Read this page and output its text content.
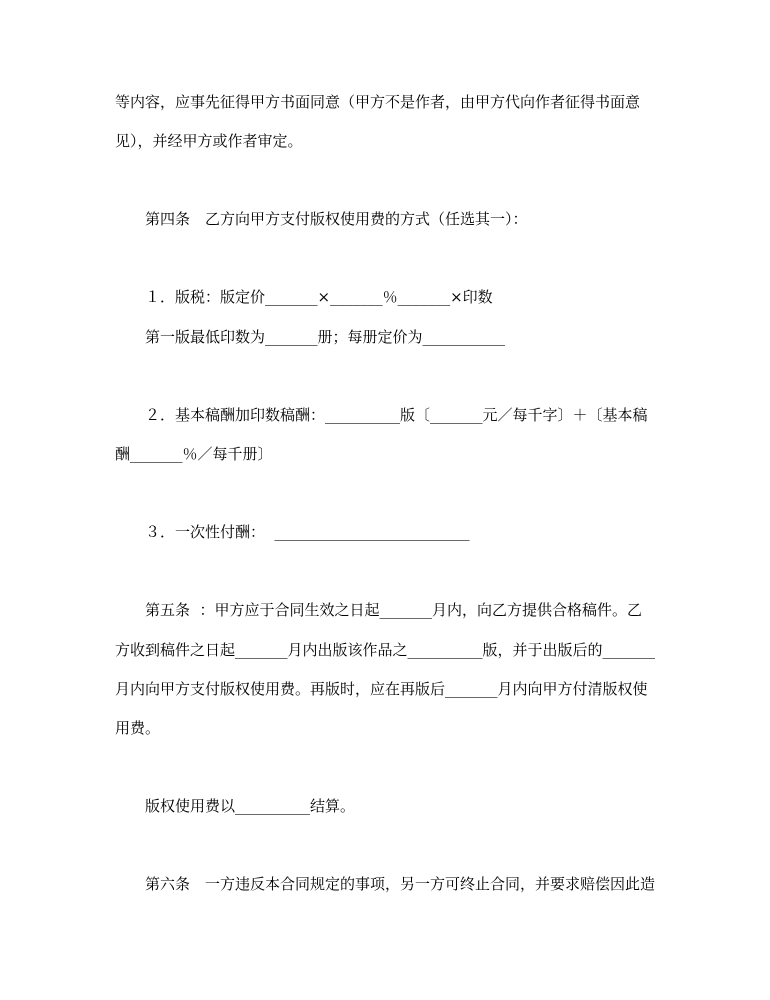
等内容，应事先征得甲方书面同意（甲方不是作者，由甲方代向作者征得书面意
见），并经甲方或作者审定。
第四条　乙方向甲方支付版权使用费的方式（任选其一）：
１．版税：版定价_______×_______％_______×印数
第一版最低印数为_______册；每册定价为___________
２．基本稿酬加印数稿酬：__________版〔_______元／每千字〕＋〔基本稿
酬_______％／每千册〕
３．一次性付酬：  __________________________
第五条  ：甲方应于合同生效之日起_______月内，向乙方提供合格稿件。乙
方收到稿件之日起_______月内出版该作品之__________版，并于出版后的_______
月内向甲方支付版权使用费。再版时，应在再版后_______月内向甲方付清版权使
用费。
版权使用费以__________结算。
第六条　一方违反本合同规定的事项，另一方可终止合同，并要求赔偿因此造
